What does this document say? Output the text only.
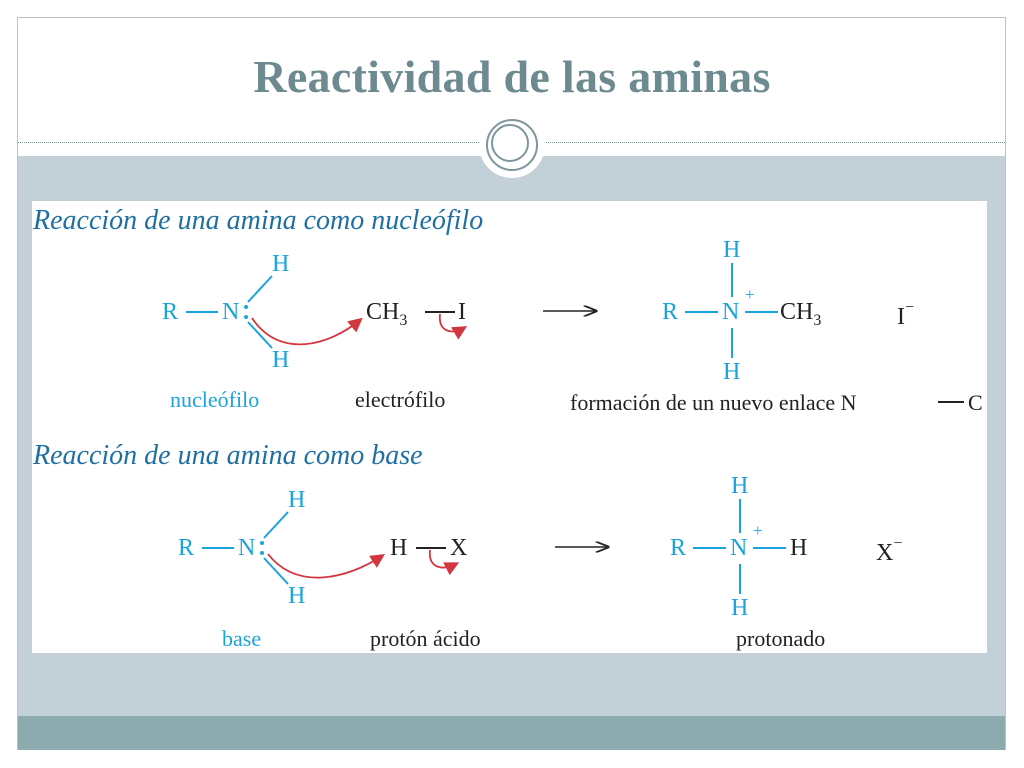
Reactividad de las aminas
Reacción de una amina como nucleófilo
R N
H
H
$CH_3$ I	R N
+
$CH_3$
H
H
I−
nucleófilo	electrófilo	formación de un nuevo enlace N	C
Reacción de una amina como base
R N
H
H
H X	R N
+
H
H
H
X−
base	protón ácido	protonado
